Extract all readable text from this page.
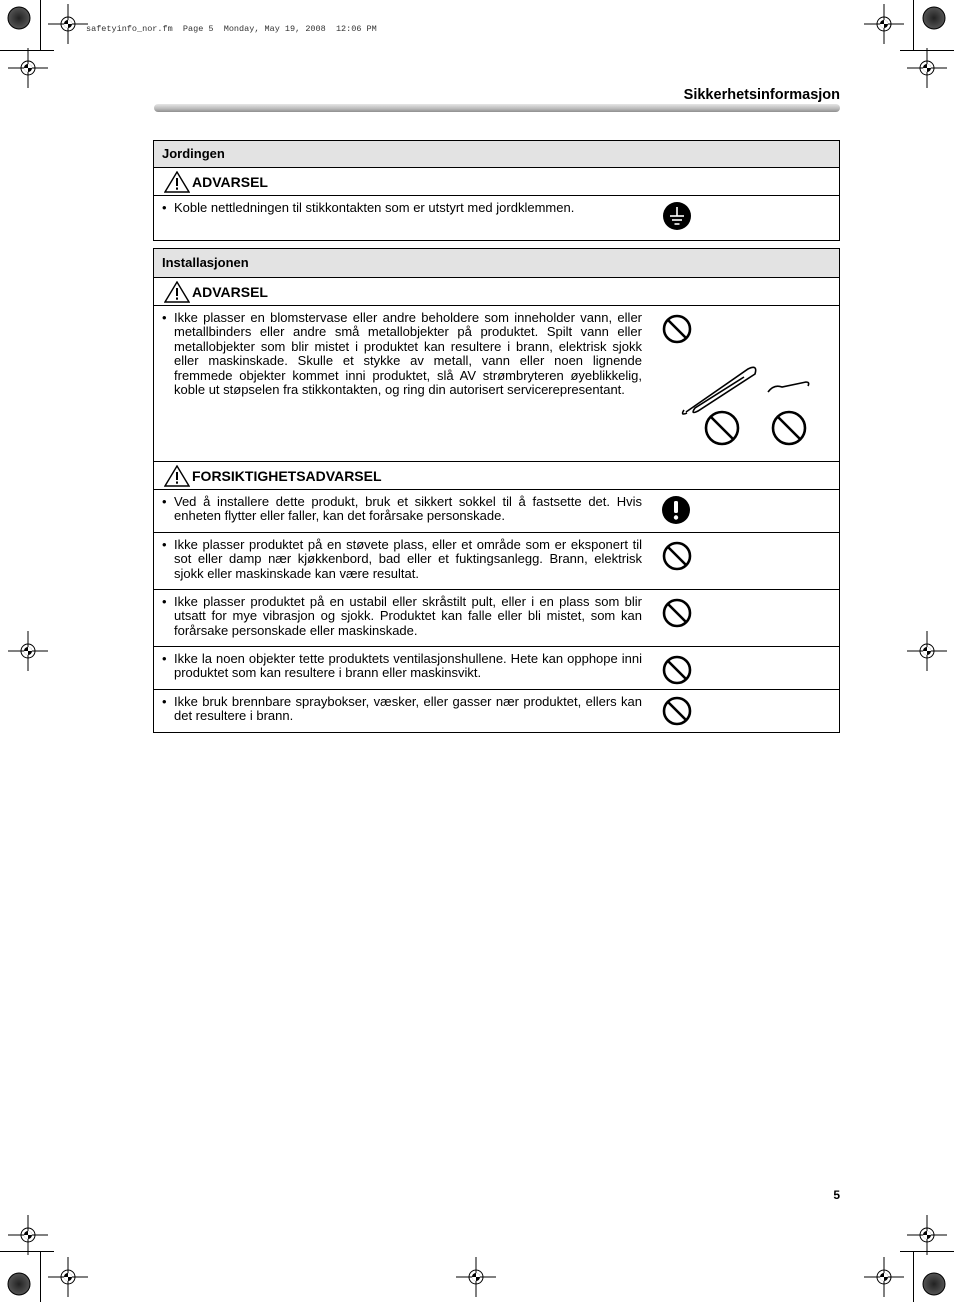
safetyinfo_nor.fm  Page 5  Monday, May 19, 2008  12:06 PM
Sikkerhetsinformasjon
Jordingen
ADVARSEL
• Koble nettledningen til stikkontakten som er utstyrt med jordklemmen.
Installasjonen
ADVARSEL
• Ikke plasser en blomstervase eller andre beholdere som inneholder vann, eller metallbinders eller andre små metallobjekter på produktet. Spilt vann eller metallobjekter som blir mistet i produktet kan resultere i brann, elektrisk sjokk eller maskinskade. Skulle et stykke av metall, vann eller noen lignende fremmede objekter kommet inni produktet, slå AV strømbryteren øyeblikkelig, koble ut støpselen fra stikkontakten, og ring din autorisert servicerepresentant.
FORSIKTIGHETSADVARSEL
• Ved å installere dette produkt, bruk et sikkert sokkel til å fastsette det. Hvis enheten flytter eller faller, kan det forårsake personskade.
• Ikke plasser produktet på en støvete plass, eller et område som er eksponert til sot eller damp nær kjøkkenbord, bad eller et fuktingsanlegg. Brann, elektrisk sjokk eller maskinskade kan være resultat.
• Ikke plasser produktet på en ustabil eller skråstilt pult, eller i en plass som blir utsatt for mye vibrasjon og sjokk. Produktet kan falle eller bli mistet, som kan forårsake personskade eller maskinskade.
• Ikke la noen objekter tette produktets ventilasjonshullene. Hete kan opphope inni produktet som kan resultere i brann eller maskinsvikt.
• Ikke bruk brennbare spraybokser, væsker, eller gasser nær produktet, ellers kan det resultere i brann.
5
